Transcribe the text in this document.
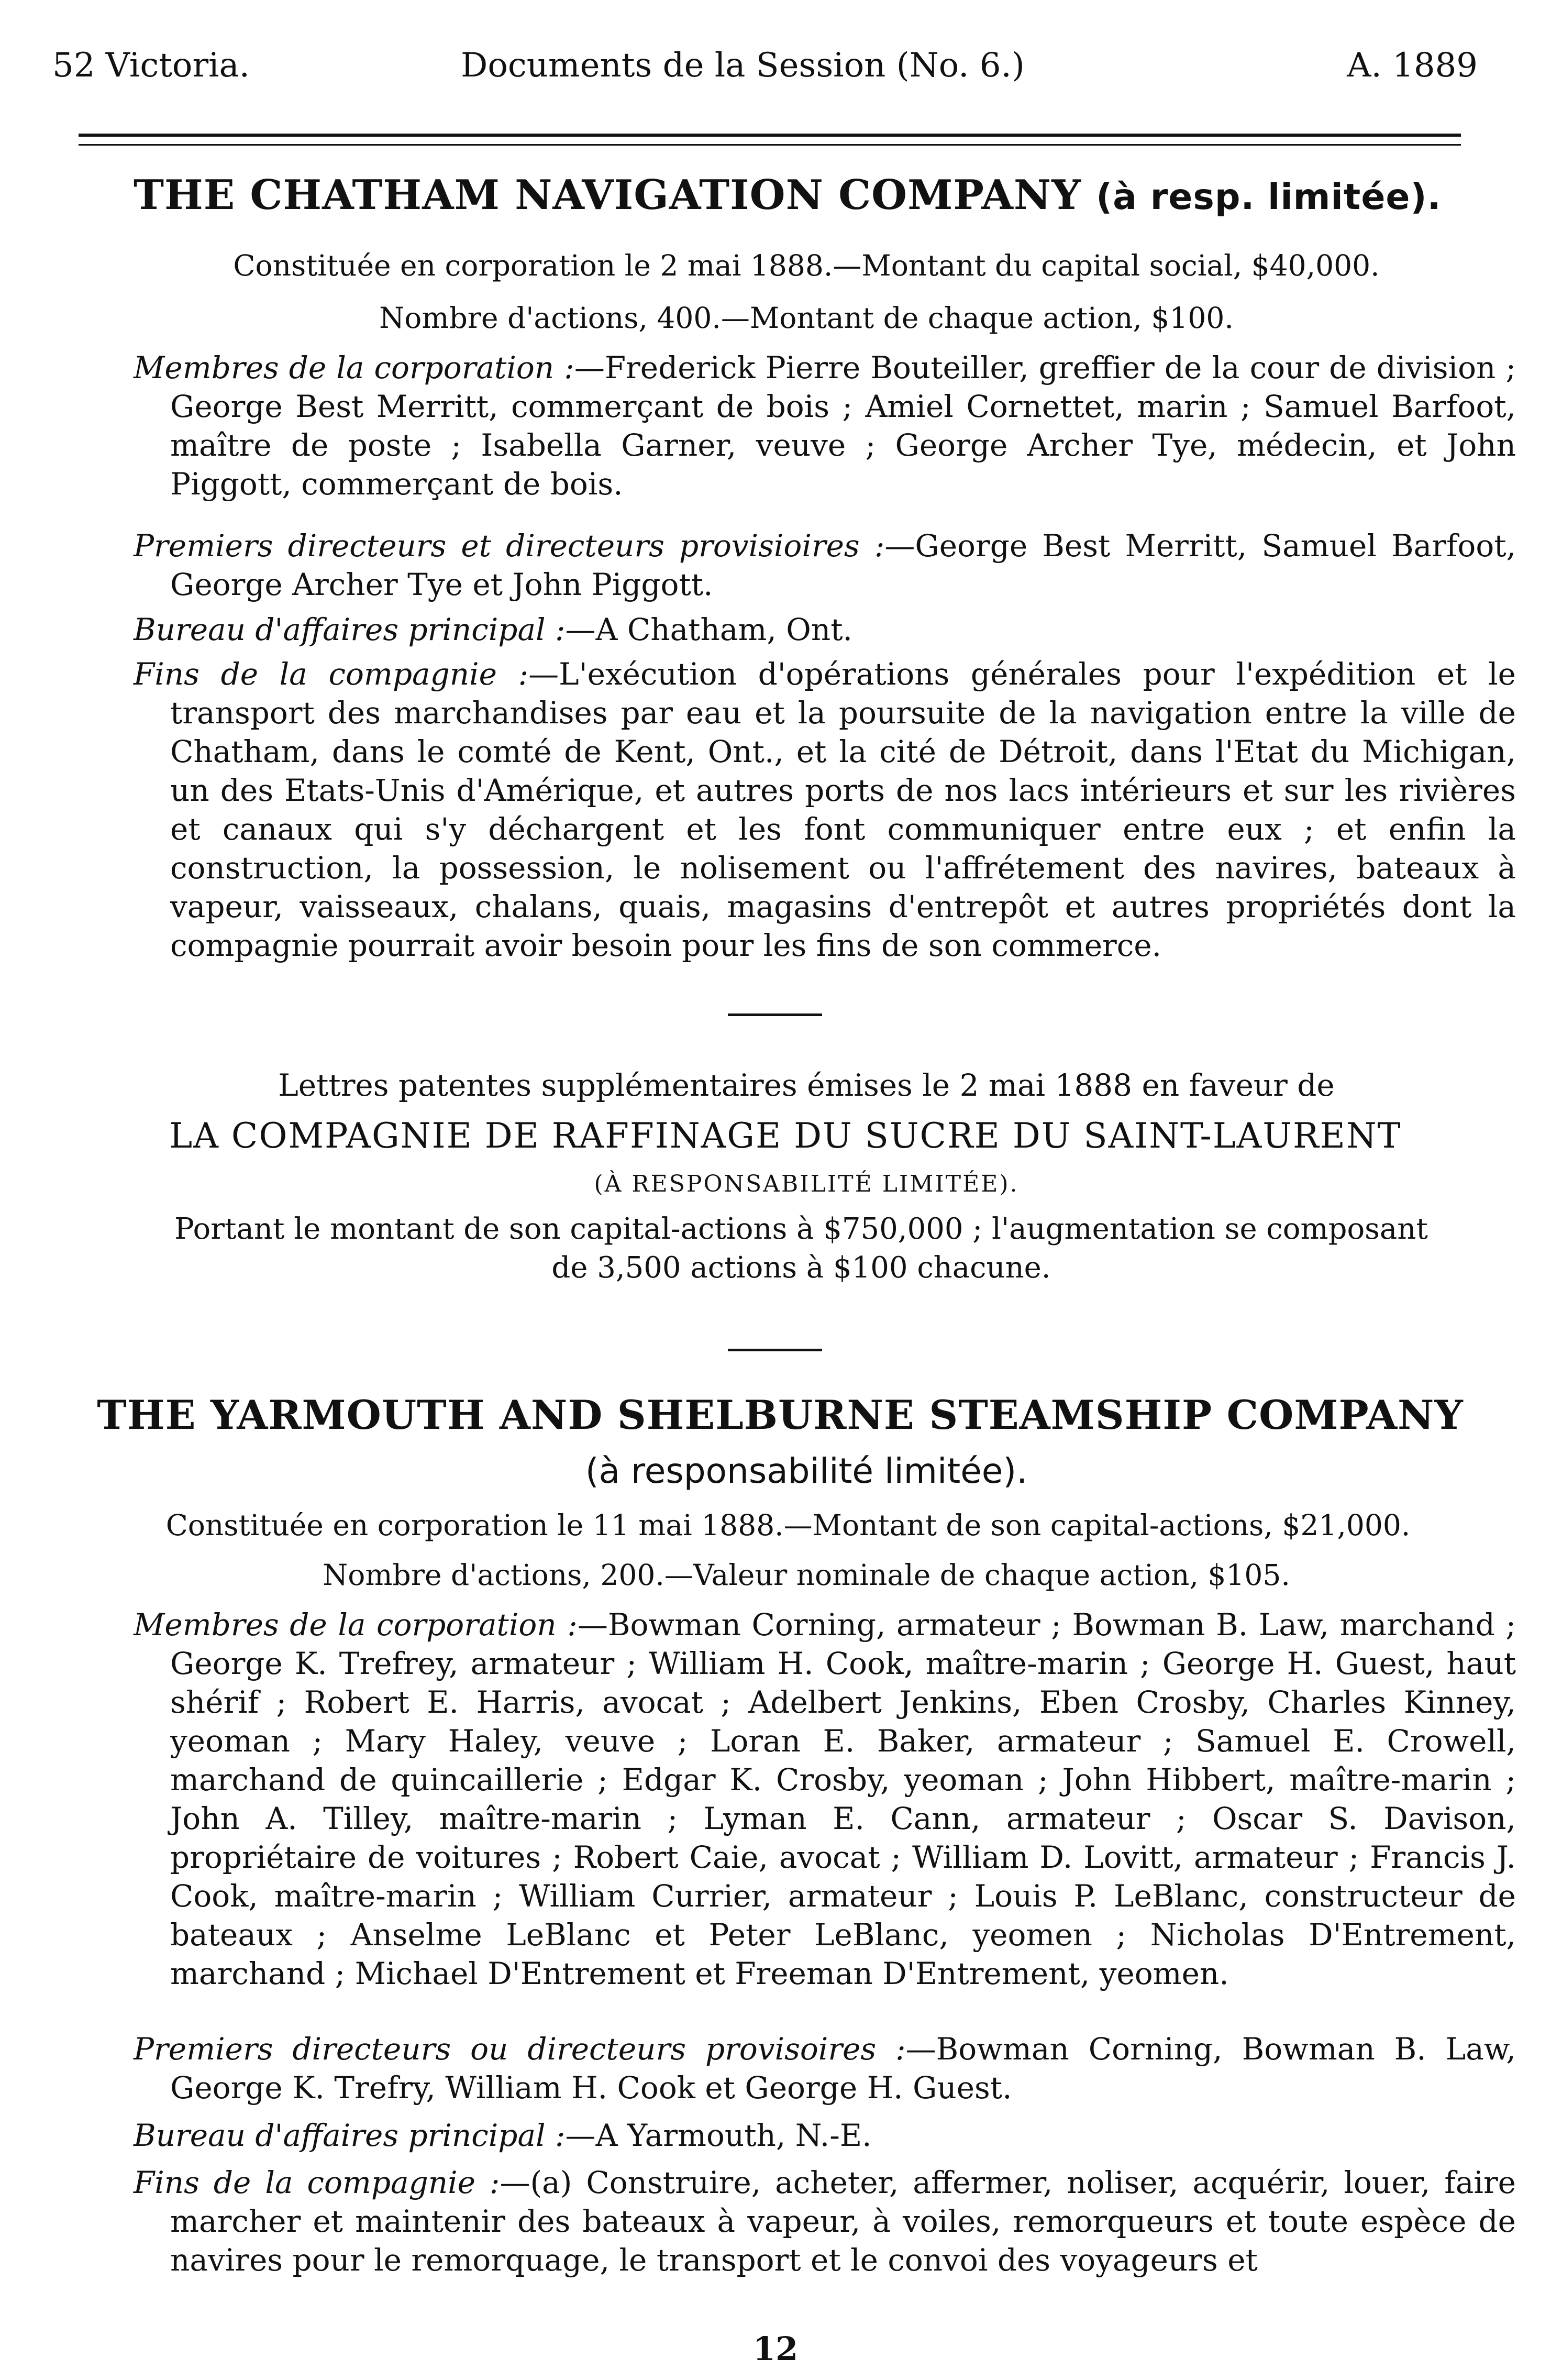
52 Victoria.	Documents de la Session (No. 6.)	A. 1889
THE CHATHAM NAVIGATION COMPANY (à resp. limitée).
Constituée en corporation le 2 mai 1888.—Montant du capital social, $40,000.
Nombre d'actions, 400.—Montant de chaque action, $100.
Membres de la corporation :—Frederick Pierre Bouteiller, greffier de la cour de division ; George Best Merritt, commerçant de bois ; Amiel Cornettet, marin ; Samuel Barfoot, maître de poste ; Isabella Garner, veuve ; George Archer Tye, médecin, et John Piggott, commerçant de bois.
Premiers directeurs et directeurs provisioires :—George Best Merritt, Samuel Barfoot, George Archer Tye et John Piggott.
Bureau d'affaires principal :—A Chatham, Ont.
Fins de la compagnie :—L'exécution d'opérations générales pour l'expédition et le transport des marchandises par eau et la poursuite de la navigation entre la ville de Chatham, dans le comté de Kent, Ont., et la cité de Détroit, dans l'Etat du Michigan, un des Etats-Unis d'Amérique, et autres ports de nos lacs intérieurs et sur les rivières et canaux qui s'y déchargent et les font communiquer entre eux ; et enfin la construction, la possession, le nolisement ou l'affrétement des navires, bateaux à vapeur, vaisseaux, chalans, quais, magasins d'entrepôt et autres propriétés dont la compagnie pourrait avoir besoin pour les fins de son commerce.
Lettres patentes supplémentaires émises le 2 mai 1888 en faveur de
LA COMPAGNIE DE RAFFINAGE DU SUCRE DU SAINT-LAURENT
(À RESPONSABILITÉ LIMITÉE).
Portant le montant de son capital-actions à $750,000 ; l'augmentation se composant
de 3,500 actions à $100 chacune.
THE YARMOUTH AND SHELBURNE STEAMSHIP COMPANY
(à responsabilité limitée).
Constituée en corporation le 11 mai 1888.—Montant de son capital-actions, $21,000.
Nombre d'actions, 200.—Valeur nominale de chaque action, $105.
Membres de la corporation :—Bowman Corning, armateur ; Bowman B. Law, marchand ; George K. Trefrey, armateur ; William H. Cook, maître-marin ; George H. Guest, haut shérif ; Robert E. Harris, avocat ; Adelbert Jenkins, Eben Crosby, Charles Kinney, yeoman ; Mary Haley, veuve ; Loran E. Baker, armateur ; Samuel E. Crowell, marchand de quincaillerie ; Edgar K. Crosby, yeoman ; John Hibbert, maître-marin ; John A. Tilley, maître-marin ; Lyman E. Cann, armateur ; Oscar S. Davison, propriétaire de voitures ; Robert Caie, avocat ; William D. Lovitt, armateur ; Francis J. Cook, maître-marin ; William Currier, armateur ; Louis P. LeBlanc, constructeur de bateaux ; Anselme LeBlanc et Peter LeBlanc, yeomen ; Nicholas D'Entrement, marchand ; Michael D'Entrement et Freeman D'Entrement, yeomen.
Premiers directeurs ou directeurs provisoires :—Bowman Corning, Bowman B. Law, George K. Trefry, William H. Cook et George H. Guest.
Bureau d'affaires principal :—A Yarmouth, N.-E.
Fins de la compagnie :—(a) Construire, acheter, affermer, noliser, acquérir, louer, faire marcher et maintenir des bateaux à vapeur, à voiles, remorqueurs et toute espèce de navires pour le remorquage, le transport et le convoi des voyageurs et
12
